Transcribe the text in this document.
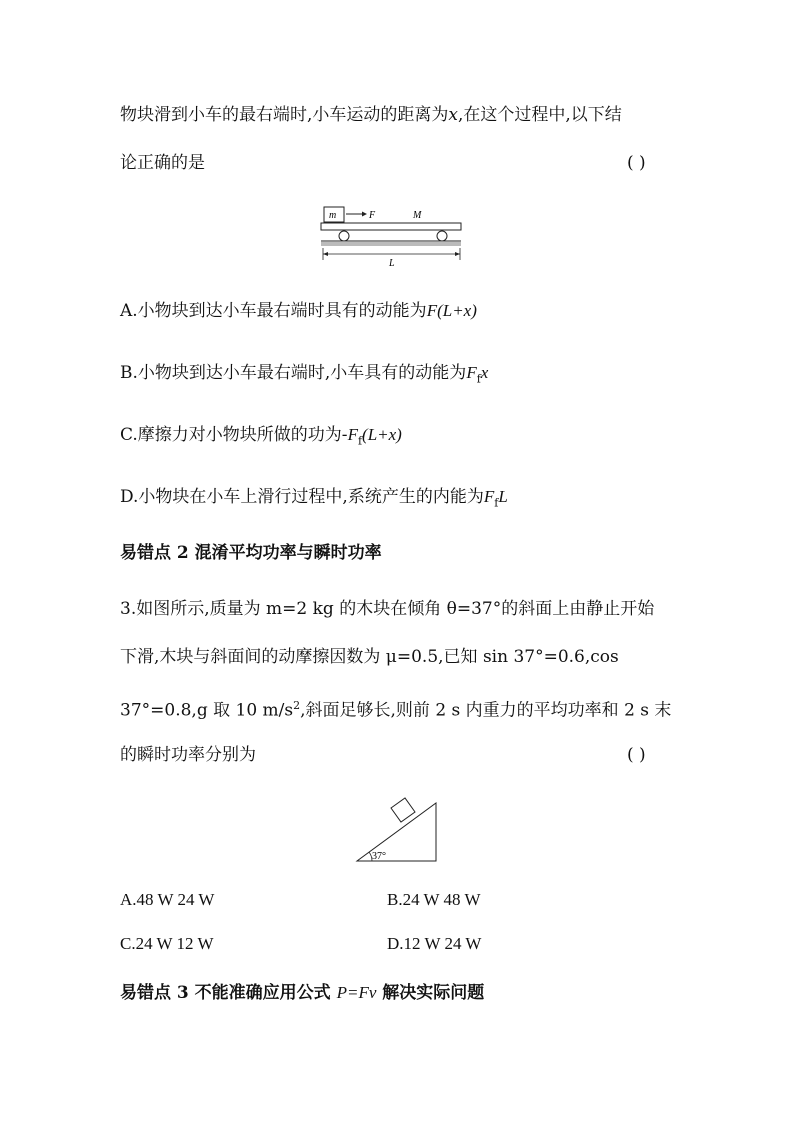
物块滑到小车的最右端时,小车运动的距离为x,在这个过程中,以下结
论正确的是	( )
m	F	M
L
A.小物块到达小车最右端时具有的动能为F(L+x)
B.小物块到达小车最右端时,小车具有的动能为$F_fx$
C.摩擦力对小物块所做的功为$-F_f(L+x)$
D.小物块在小车上滑行过程中,系统产生的内能为$F_fL$
易错点 2 混淆平均功率与瞬时功率
3.如图所示,质量为 m=2 kg 的木块在倾角 θ=37°的斜面上由静止开始
下滑,木块与斜面间的动摩擦因数为 μ=0.5,已知 sin 37°=0.6,cos
37°=0.8,g 取 10 $m/s^2$,斜面足够长,则前 2 s 内重力的平均功率和 2 s 末
的瞬时功率分别为	( )
37°
A.48 W 24 W	B.24 W 48 W
C.24 W 12 W	D.12 W 24 W
易错点 3 不能准确应用公式 P=Fv 解决实际问题
